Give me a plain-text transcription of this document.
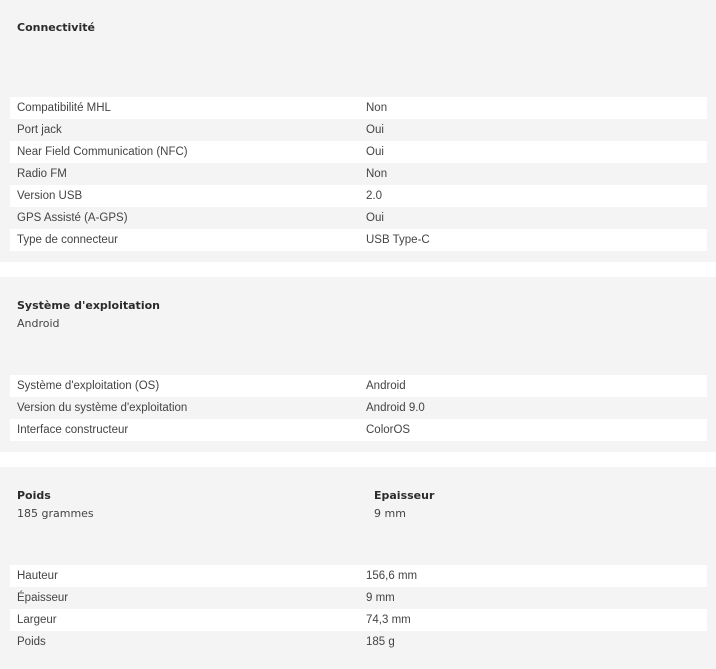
Connectivité
Compatibilité MHL	Non
Port jack	Oui
Near Field Communication (NFC)	Oui
Radio FM	Non
Version USB	2.0
GPS Assisté (A-GPS)	Oui
Type de connecteur	USB Type-C
Système d'exploitation
Android
Système d'exploitation (OS)	Android
Version du système d'exploitation	Android 9.0
Interface constructeur	ColorOS
Poids
185 grammes
Epaisseur
9 mm
Hauteur	156,6 mm
Épaisseur	9 mm
Largeur	74,3 mm
Poids	185 g
